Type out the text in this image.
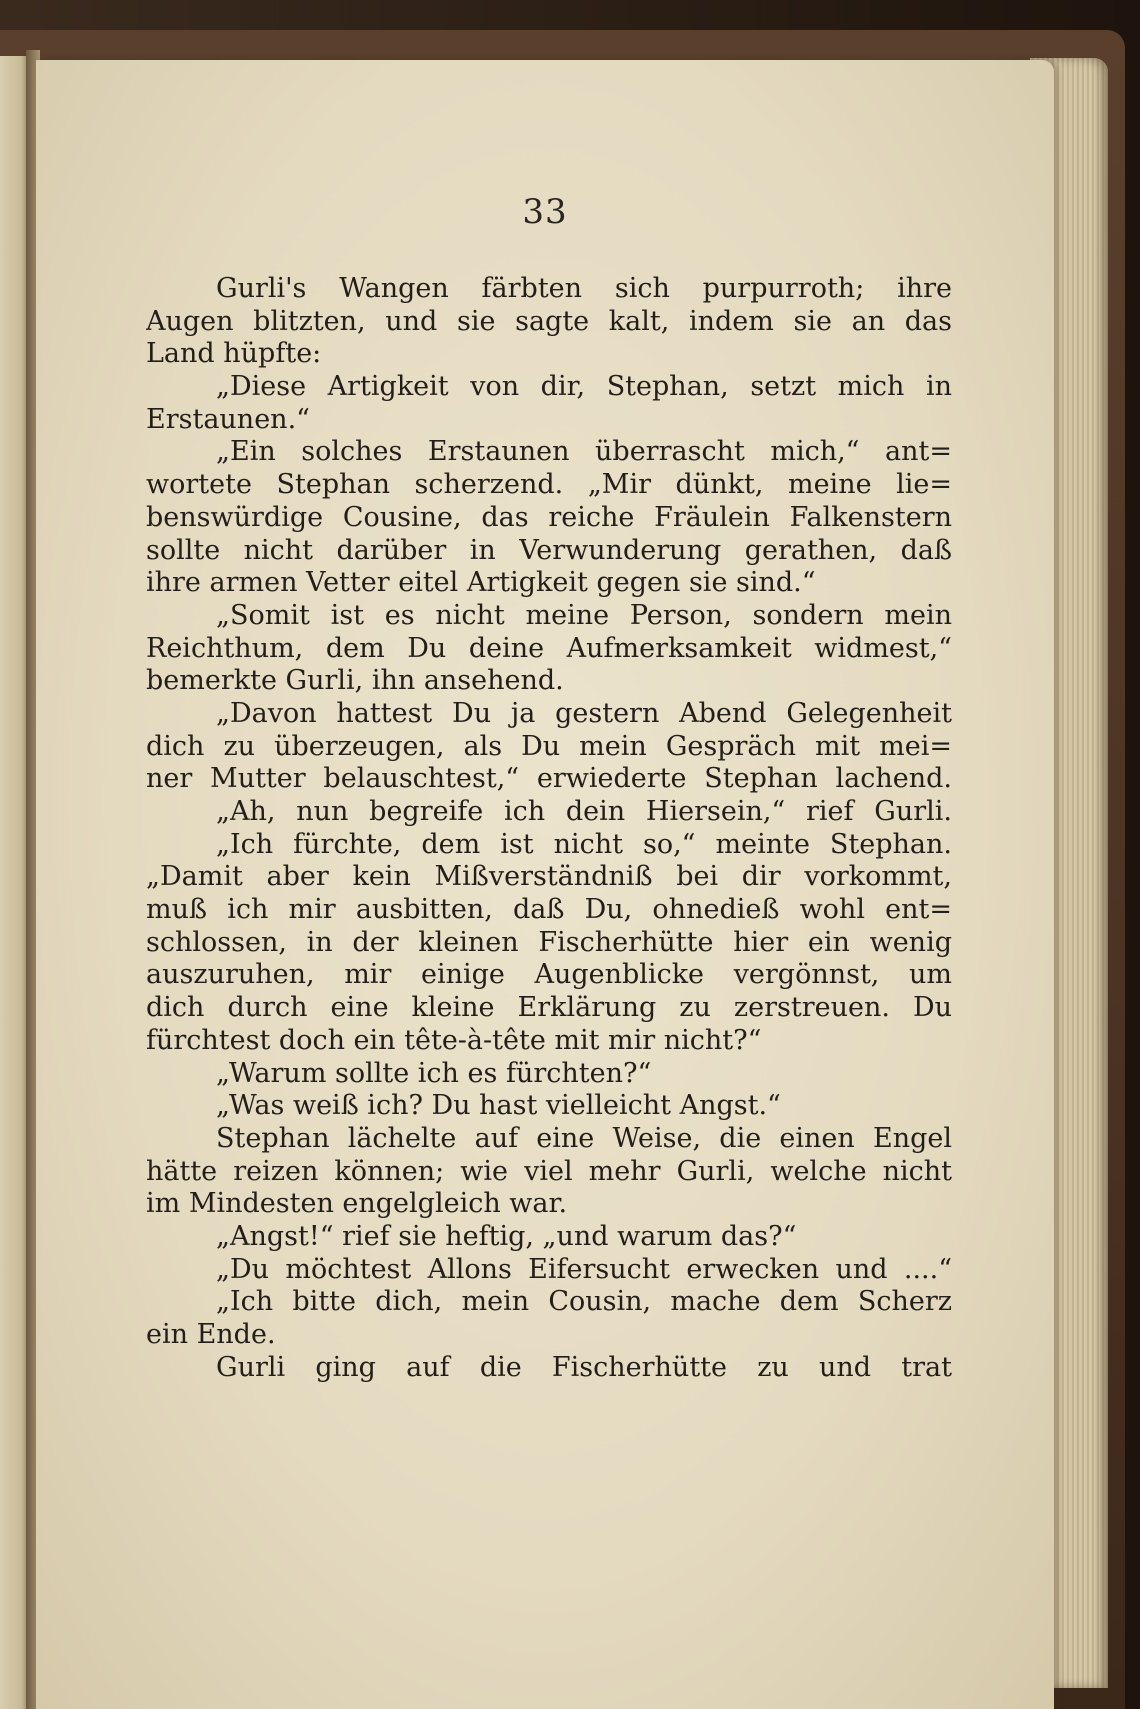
33
Gurli's Wangen färbten sich purpurroth; ihre
Augen blitzten, und sie sagte kalt, indem sie an das
Land hüpfte:
„Diese Artigkeit von dir, Stephan, setzt mich in
Erstaunen.“
„Ein solches Erstaunen überrascht mich,“ ant=
wortete Stephan scherzend. „Mir dünkt, meine lie=
benswürdige Cousine, das reiche Fräulein Falkenstern
sollte nicht darüber in Verwunderung gerathen, daß
ihre armen Vetter eitel Artigkeit gegen sie sind.“
„Somit ist es nicht meine Person, sondern mein
Reichthum, dem Du deine Aufmerksamkeit widmest,“
bemerkte Gurli, ihn ansehend.
„Davon hattest Du ja gestern Abend Gelegenheit
dich zu überzeugen, als Du mein Gespräch mit mei=
ner Mutter belauschtest,“ erwiederte Stephan lachend.
„Ah, nun begreife ich dein Hiersein,“ rief Gurli.
„Ich fürchte, dem ist nicht so,“ meinte Stephan.
„Damit aber kein Mißverständniß bei dir vorkommt,
muß ich mir ausbitten, daß Du, ohnedieß wohl ent=
schlossen, in der kleinen Fischerhütte hier ein wenig
auszuruhen, mir einige Augenblicke vergönnst, um
dich durch eine kleine Erklärung zu zerstreuen. Du
fürchtest doch ein tête-à-tête mit mir nicht?“
„Warum sollte ich es fürchten?“
„Was weiß ich? Du hast vielleicht Angst.“
Stephan lächelte auf eine Weise, die einen Engel
hätte reizen können; wie viel mehr Gurli, welche nicht
im Mindesten engelgleich war.
„Angst!“ rief sie heftig, „und warum das?“
„Du möchtest Allons Eifersucht erwecken und ....“
„Ich bitte dich, mein Cousin, mache dem Scherz
ein Ende.
Gurli ging auf die Fischerhütte zu und trat
